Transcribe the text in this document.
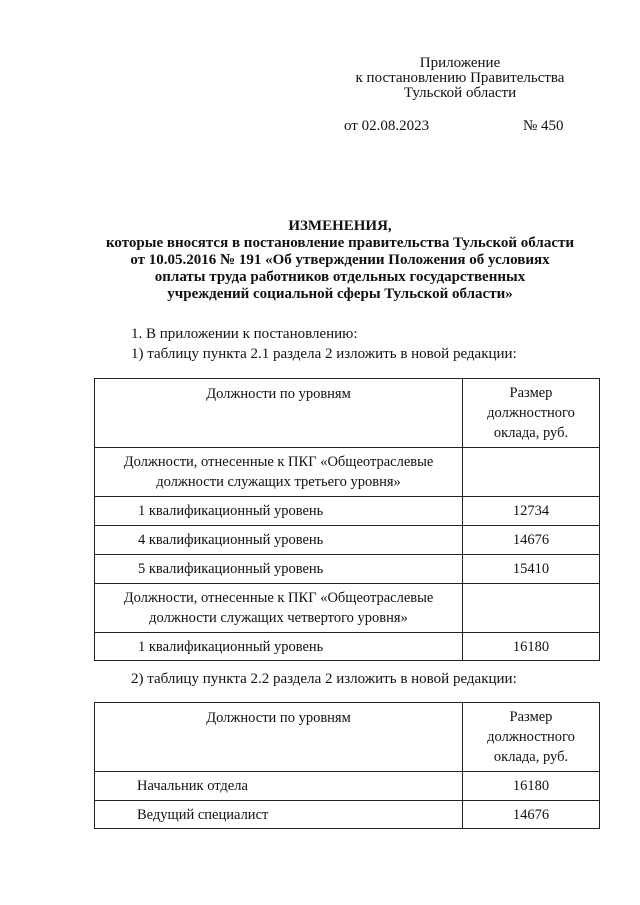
Приложение
к постановлению Правительства
Тульской области
от 02.08.2023	№ 450
ИЗМЕНЕНИЯ,
которые вносятся в постановление правительства Тульской области
от 10.05.2016 № 191 «Об утверждении Положения об условиях
оплаты труда работников отдельных государственных
учреждений социальной сферы Тульской области»
1. В приложении к постановлению:
1) таблицу пункта 2.1 раздела 2 изложить в новой редакции:
Должности по уровням	Размер
должностного
оклада, руб.

Должности, отнесенные к ПКГ «Общеотраслевые
должности служащих третьего уровня»	

1 квалификационный уровень	12734
4 квалификационный уровень	14676
5 квалификационный уровень	15410

Должности, отнесенные к ПКГ «Общеотраслевые
должности служащих четвертого уровня»	

1 квалификационный уровень	16180
2) таблицу пункта 2.2 раздела 2 изложить в новой редакции:
Должности по уровням	Размер
должностного
оклада, руб.

Начальник отдела	16180
Ведущий специалист	14676
